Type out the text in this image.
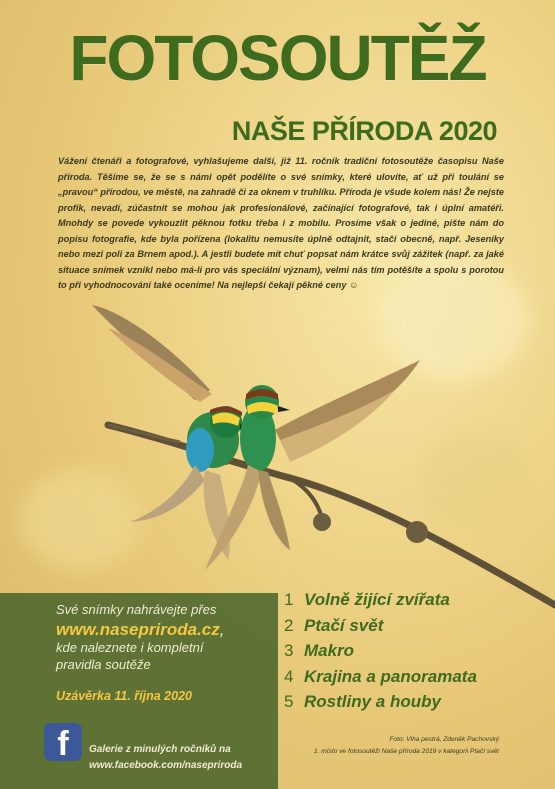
FOTOSOUTĚŽ
NAŠE PŘÍRODA 2020
Vážení čtenáři a fotografové, vyhlašujeme další, již 11. ročník tradiční fotosoutěže časopisu Naše příroda. Těšíme se, že se s námi opět podělíte o své snímky, které ulovíte, ať už při toulání se „pravou“ přírodou, ve městě, na zahradě či za oknem v truhlíku. Příroda je všude kolem nás! Že nejste profík, nevadí, zúčastnit se mohou jak profesionálové, začínající fotografové, tak i úplní amatéři. Mnohdy se povede vykouzlit pěknou fotku třeba i z mobilu. Prosíme však o jediné, pište nám do popisu fotografie, kde byla pořízena (lokalitu nemusíte úplně odtajnit, stačí obecně, např. Jeseníky nebo mezi poli za Brnem apod.). A jestli budete mít chuť popsat nám krátce svůj zážitek (např. za jaké situace snímek vznikl nebo má-li pro vás speciální význam), velmi nás tím potěšíte a spolu s porotou to při vyhodnocování také oceníme! Na nejlepší čekají pěkné ceny ☺
Své snímky nahrávejte přes
kde naleznete i kompletní
pravidla soutěže
www.nasepriroda.cz,
Uzávěrka 11. října 2020
f	Galerie z minulých ročníků na
www.facebook.com/nasepriroda
1 Volně žijící zvířata
2 Ptačí svět
3 Makro
4 Krajina a panoramata
5 Rostliny a houby
Foto: Vlha pestrá, Zdeněk Pachovský
1. místo ve fotosoutěži Naše příroda 2019 v kategorii Ptačí svět
